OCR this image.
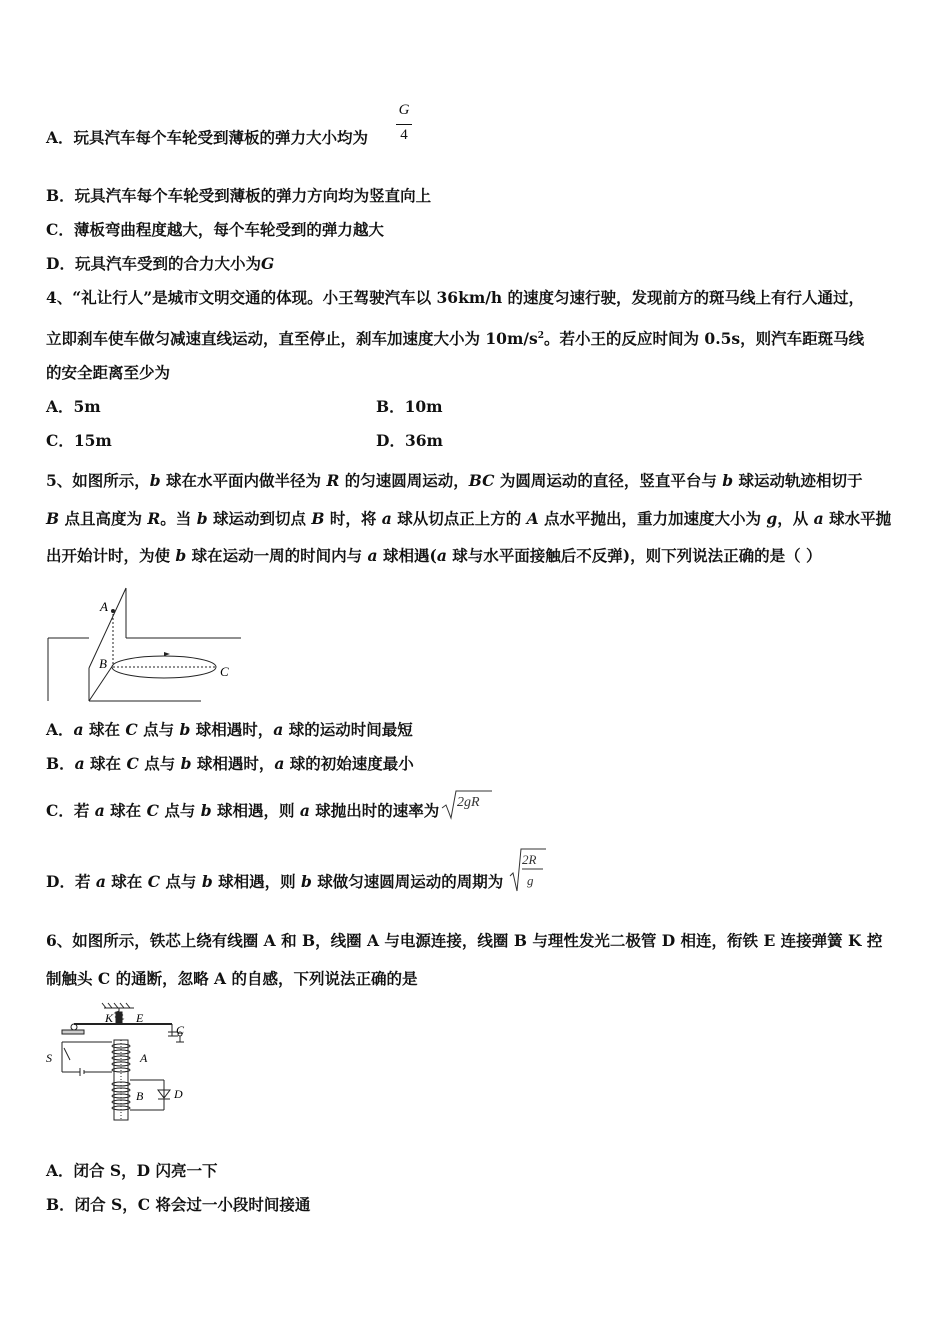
A．玩具汽车每个车轮受到薄板的弹力大小均为
G
4
B．玩具汽车每个车轮受到薄板的弹力方向均为竖直向上
C．薄板弯曲程度越大，每个车轮受到的弹力越大
D．玩具汽车受到的合力大小为G
4、“礼让行人”是城市文明交通的体现。小王驾驶汽车以 36km/h 的速度匀速行驶，发现前方的斑马线上有行人通过，
立即刹车使车做匀减速直线运动，直至停止，刹车加速度大小为 $10m/s^2$。若小王的反应时间为 0.5s，则汽车距斑马线
的安全距离至少为
A．5m	B．10m
C．15m	D．36m
5、如图所示，b 球在水平面内做半径为 R 的匀速圆周运动，BC 为圆周运动的直径，竖直平台与 b 球运动轨迹相切于
B 点且高度为 R。当 b 球运动到切点 B 时，将 a 球从切点正上方的 A 点水平抛出，重力加速度大小为 g，从 a 球水平抛
出开始计时，为使 b 球在运动一周的时间内与 a 球相遇(a 球与水平面接触后不反弹)，则下列说法正确的是（ ）
A
B
C
A．a 球在 C 点与 b 球相遇时，a 球的运动时间最短
B．a 球在 C 点与 b 球相遇时，a 球的初始速度最小
C．若 a 球在 C 点与 b 球相遇，则 a 球抛出时的速率为 2gR
D．若 a 球在 C 点与 b 球相遇，则 b 球做匀速圆周运动的周期为
2R
g
6、如图所示，铁芯上绕有线圈 A 和 B，线圈 A 与电源连接，线圈 B 与理性发光二极管 D 相连，衔铁 E 连接弹簧 K 控
制触头 C 的通断，忽略 A 的自感，下列说法正确的是
K E
C
S	A
B	D
A．闭合 S，D 闪亮一下
B．闭合 S，C 将会过一小段时间接通
